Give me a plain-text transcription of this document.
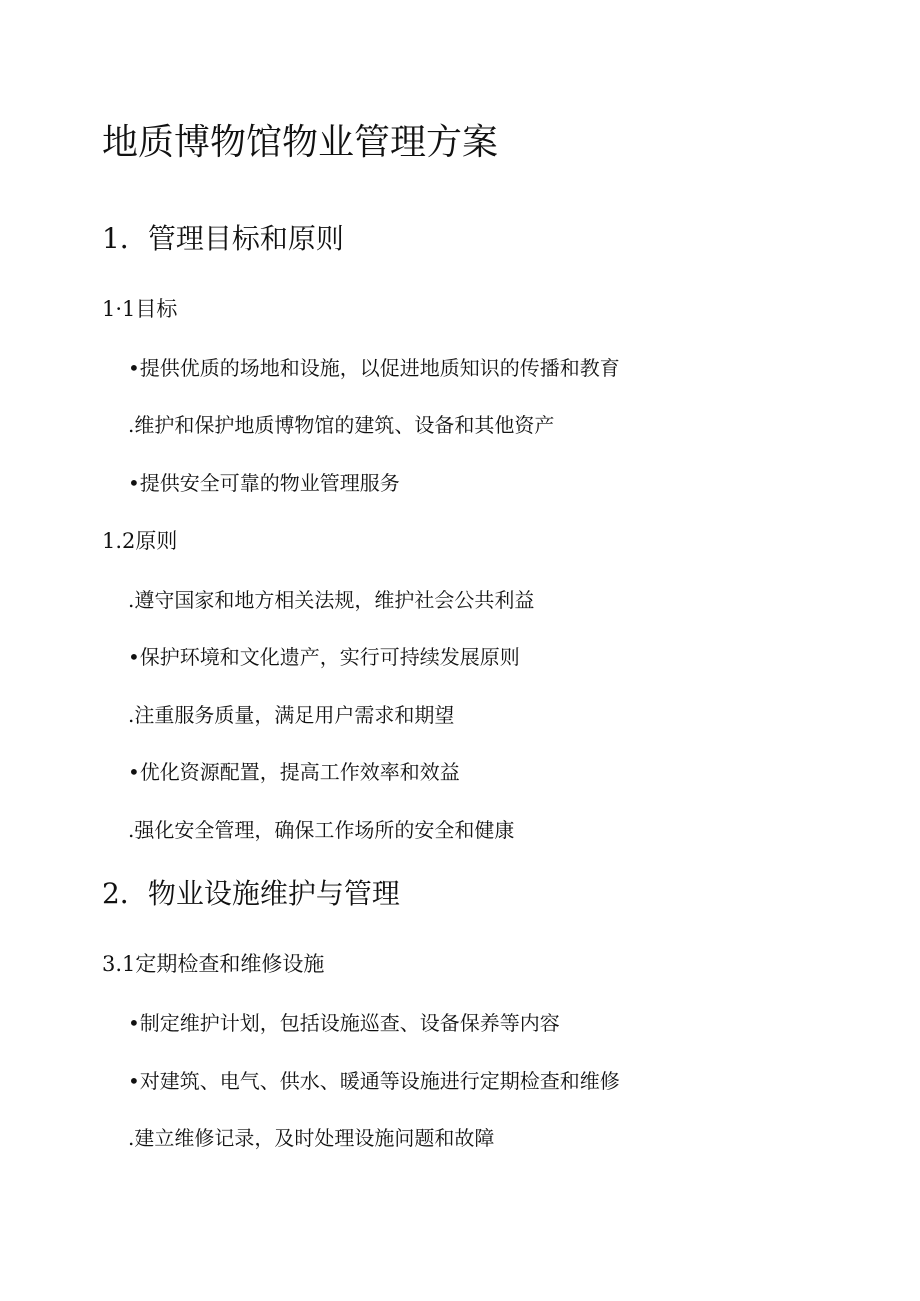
地质博物馆物业管理方案
1．管理目标和原则
1·1目标
•提供优质的场地和设施，以促进地质知识的传播和教育
.维护和保护地质博物馆的建筑、设备和其他资产
•提供安全可靠的物业管理服务
1.2原则
.遵守国家和地方相关法规，维护社会公共利益
•保护环境和文化遗产，实行可持续发展原则
.注重服务质量，满足用户需求和期望
•优化资源配置，提高工作效率和效益
.强化安全管理，确保工作场所的安全和健康
2．物业设施维护与管理
3.1定期检查和维修设施
•制定维护计划，包括设施巡查、设备保养等内容
•对建筑、电气、供水、暖通等设施进行定期检查和维修
.建立维修记录，及时处理设施问题和故障
